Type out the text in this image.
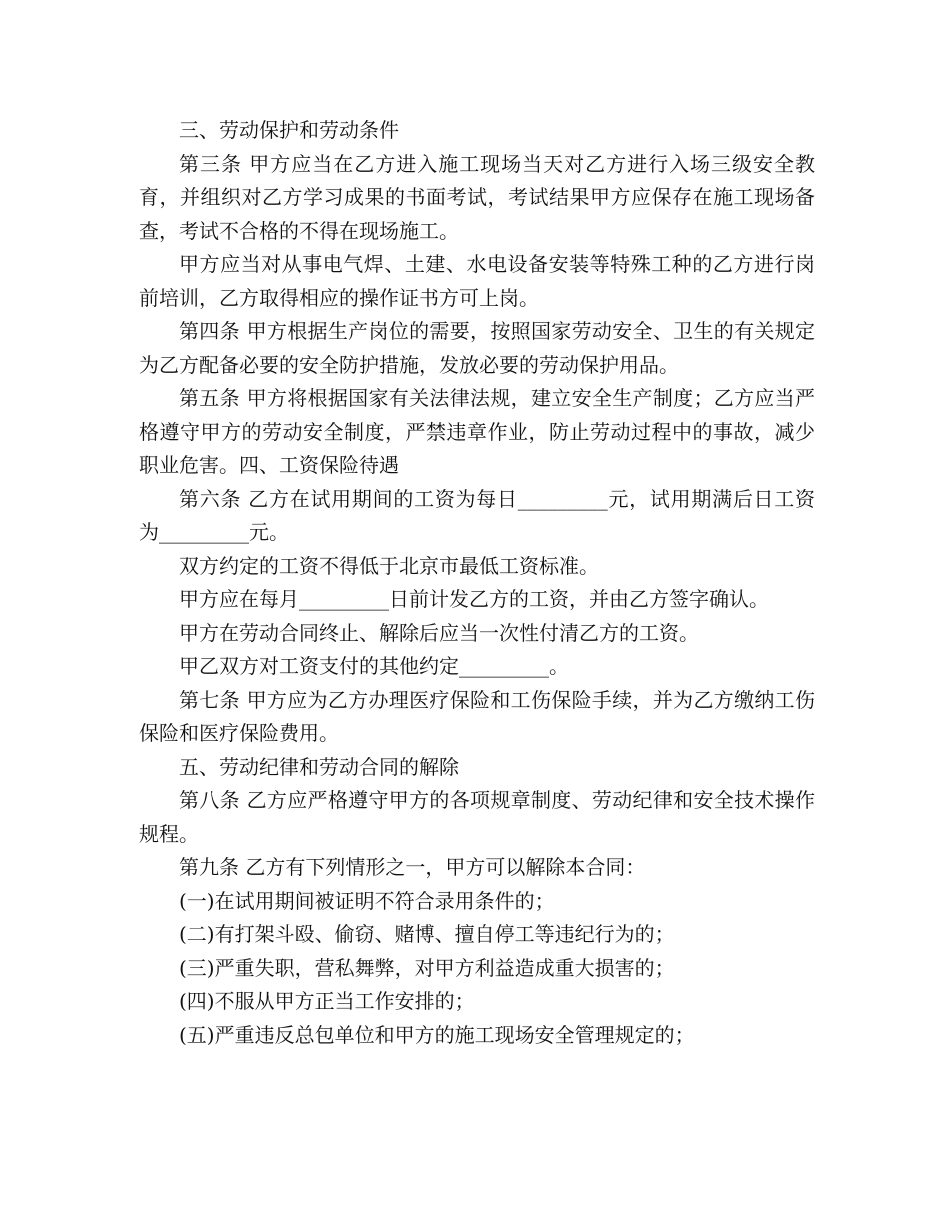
三、劳动保护和劳动条件

第三条 甲方应当在乙方进入施工现场当天对乙方进行入场三级安全教育，并组织对乙方学习成果的书面考试，考试结果甲方应保存在施工现场备查，考试不合格的不得在现场施工。

甲方应当对从事电气焊、土建、水电设备安装等特殊工种的乙方进行岗前培训，乙方取得相应的操作证书方可上岗。

第四条 甲方根据生产岗位的需要，按照国家劳动安全、卫生的有关规定为乙方配备必要的安全防护措施，发放必要的劳动保护用品。

第五条 甲方将根据国家有关法律法规，建立安全生产制度；乙方应当严格遵守甲方的劳动安全制度，严禁违章作业，防止劳动过程中的事故，减少职业危害。四、工资保险待遇

第六条 乙方在试用期间的工资为每日_________元，试用期满后日工资为_________元。

双方约定的工资不得低于北京市最低工资标准。

甲方应在每月_________日前计发乙方的工资，并由乙方签字确认。

甲方在劳动合同终止、解除后应当一次性付清乙方的工资。

甲乙双方对工资支付的其他约定_________。

第七条 甲方应为乙方办理医疗保险和工伤保险手续，并为乙方缴纳工伤保险和医疗保险费用。

五、劳动纪律和劳动合同的解除

第八条 乙方应严格遵守甲方的各项规章制度、劳动纪律和安全技术操作规程。

第九条 乙方有下列情形之一，甲方可以解除本合同：

(一)在试用期间被证明不符合录用条件的；

(二)有打架斗殴、偷窃、赌博、擅自停工等违纪行为的；

(三)严重失职，营私舞弊，对甲方利益造成重大损害的；

(四)不服从甲方正当工作安排的；

(五)严重违反总包单位和甲方的施工现场安全管理规定的；
